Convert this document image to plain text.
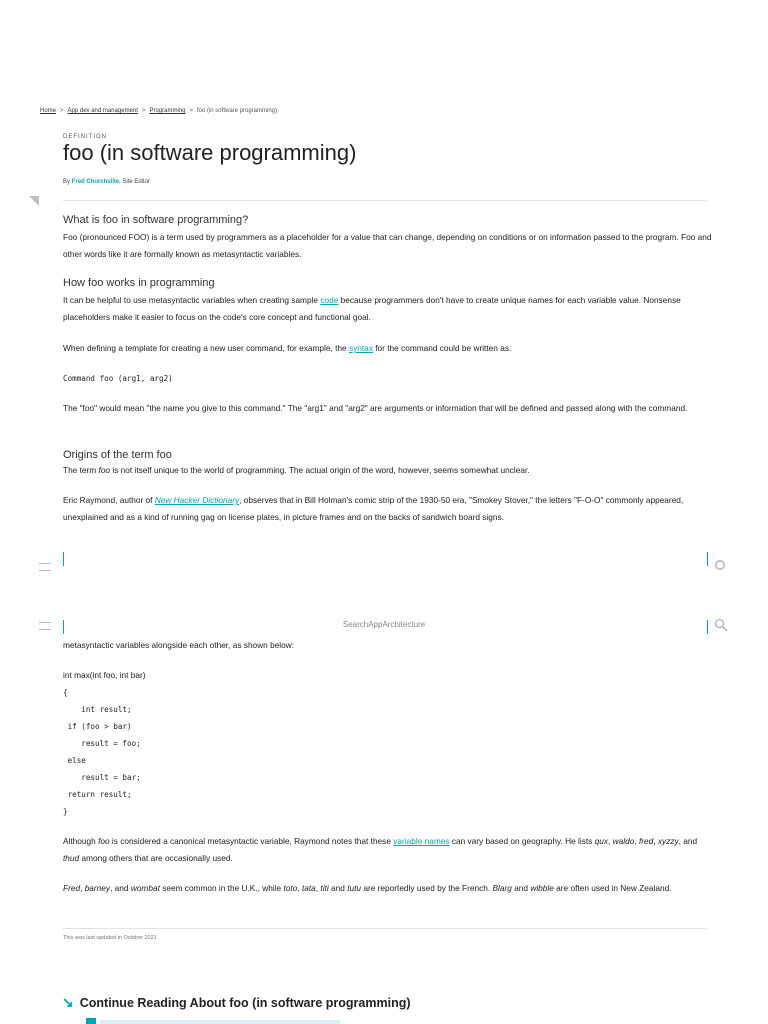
Home > App dev and management > Programming > foo (in software programming)
DEFINITION
foo (in software programming)
By Fred Churchville, Site Editor
What is foo in software programming?

Foo (pronounced FOO) is a term used by programmers as a placeholder for a value that can change, depending on conditions or on information passed to the program. Foo and other words like it are formally known as metasyntactic variables.

How foo works in programming

It can be helpful to use metasyntactic variables when creating sample code because programmers don't have to create unique names for each variable value. Nonsense placeholders make it easier to focus on the code's core concept and functional goal.

When defining a template for creating a new user command, for example, the syntax for the command could be written as:

Command foo (arg1, arg2)

The "foo" would mean "the name you give to this command." The "arg1" and "arg2" are arguments or information that will be defined and passed along with the command.

Origins of the term foo

The term foo is not itself unique to the world of programming. The actual origin of the word, however, seems somewhat unclear.

Eric Raymond, author of New Hacker Dictionary, observes that in Bill Holman's comic strip of the 1930-50 era, "Smokey Stover," the letters "F-O-O" commonly appeared, unexplained and as a kind of running gag on license plates, in picture frames and on the backs of sandwich board signs.

SearchAppArchitecture

metasyntactic variables alongside each other, as shown below:

int max(int foo, int bar)

{

int result;

if (foo > bar)

result = foo;

else

result = bar;

return result;

}

Although foo is considered a canonical metasyntactic variable, Raymond notes that these variable names can vary based on geography. He lists qux, waldo, fred, xyzzy, and thud among others that are occasionally used.

Fred, barney, and wombat seem common in the U.K., while toto, tata, titi and tutu are reportedly used by the French. Blarg and wibble are often used in New Zealand.

This was last updated in October 2021
↘ Continue Reading About foo (in software programming)
